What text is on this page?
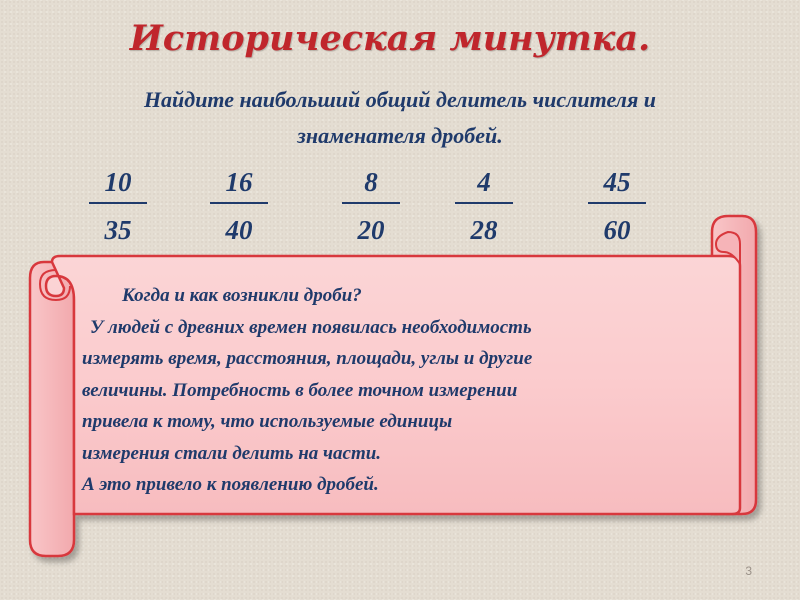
Историческая минутка.
Найдите наибольший общий делитель числителя и
знаменателя дробей.
10
35
16
40
8
20
4
28
45
60
Когда и как возникли дроби?
У людей с древних времен появилась необходимость
измерять время, расстояния, площади, углы и другие
величины. Потребность в более точном измерении
привела к тому, что используемые единицы
измерения стали делить на части.
А это привело к появлению дробей.
3
